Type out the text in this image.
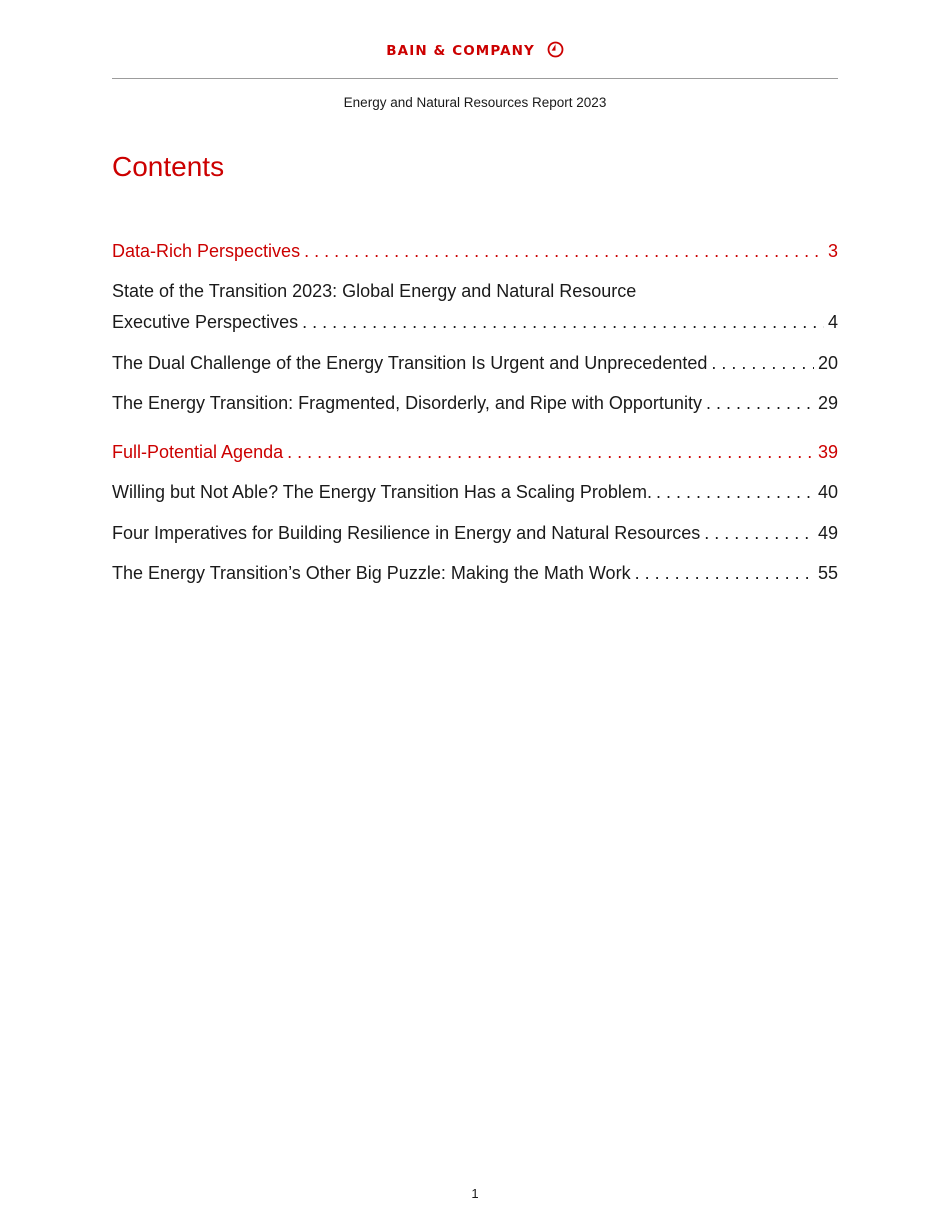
BAIN & COMPANY
Energy and Natural Resources Report 2023
Contents
Data-Rich Perspectives . . .	3
State of the Transition 2023: Global Energy and Natural Resource
Executive Perspectives . . .	4
The Dual Challenge of the Energy Transition Is Urgent and Unprecedented . . .	20
The Energy Transition: Fragmented, Disorderly, and Ripe with Opportunity . . .	29
Full-Potential Agenda . . .	39
Willing but Not Able? The Energy Transition Has a Scaling Problem. . . .	40
Four Imperatives for Building Resilience in Energy and Natural Resources . . .	49
The Energy Transition’s Other Big Puzzle: Making the Math Work . . .	55
1
